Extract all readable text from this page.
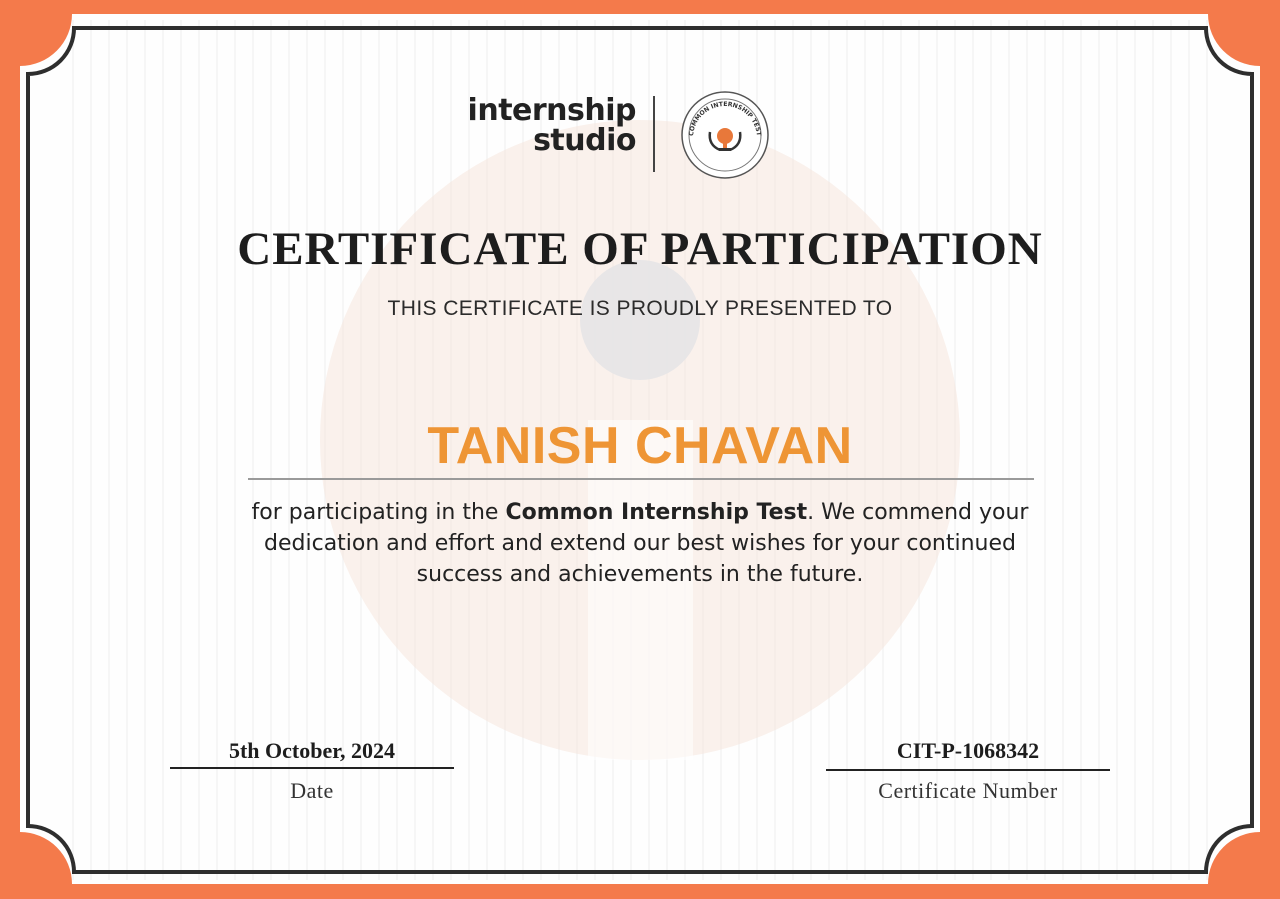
internship
studio	COMMON INTERNSHIP TEST
CERTIFICATE OF PARTICIPATION
THIS CERTIFICATE IS PROUDLY PRESENTED TO
TANISH CHAVAN
for participating in the Common Internship Test. We commend your dedication and effort and extend our best wishes for your continued success and achievements in the future.
5th October, 2024
Date
CIT-P-1068342
Certificate Number
